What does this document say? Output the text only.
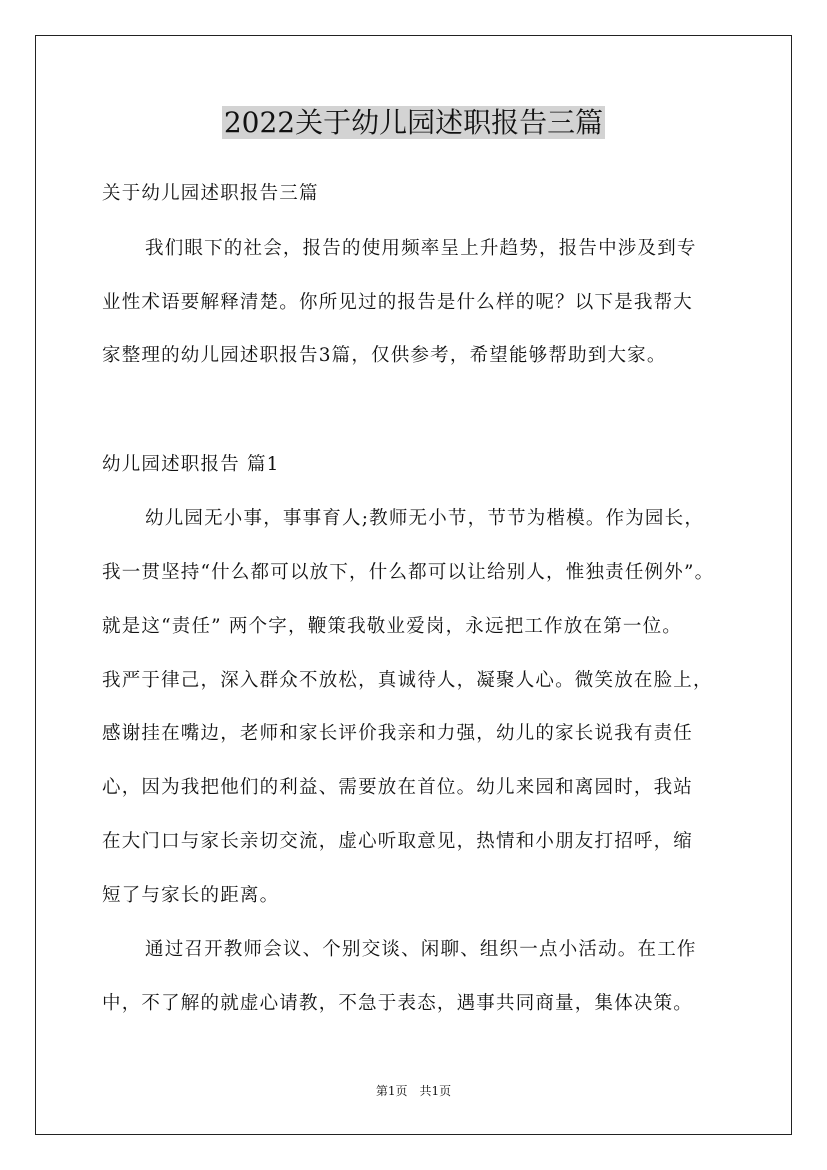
2022关于幼儿园述职报告三篇
关于幼儿园述职报告三篇
我们眼下的社会，报告的使用频率呈上升趋势，报告中涉及到专
业性术语要解释清楚。你所见过的报告是什么样的呢？以下是我帮大
家整理的幼儿园述职报告3篇，仅供参考，希望能够帮助到大家。
幼儿园述职报告 篇1
幼儿园无小事，事事育人;教师无小节，节节为楷模。作为园长，
我一贯坚持“什么都可以放下，什么都可以让给别人，惟独责任例外”。
就是这“责任” 两个字，鞭策我敬业爱岗，永远把工作放在第一位。
我严于律己，深入群众不放松，真诚待人，凝聚人心。微笑放在脸上，
感谢挂在嘴边，老师和家长评价我亲和力强，幼儿的家长说我有责任
心，因为我把他们的利益、需要放在首位。幼儿来园和离园时，我站
在大门口与家长亲切交流，虚心听取意见，热情和小朋友打招呼，缩
短了与家长的距离。
通过召开教师会议、个别交谈、闲聊、组织一点小活动。在工作
中，不了解的就虚心请教，不急于表态，遇事共同商量，集体决策。
第1页　共1页
